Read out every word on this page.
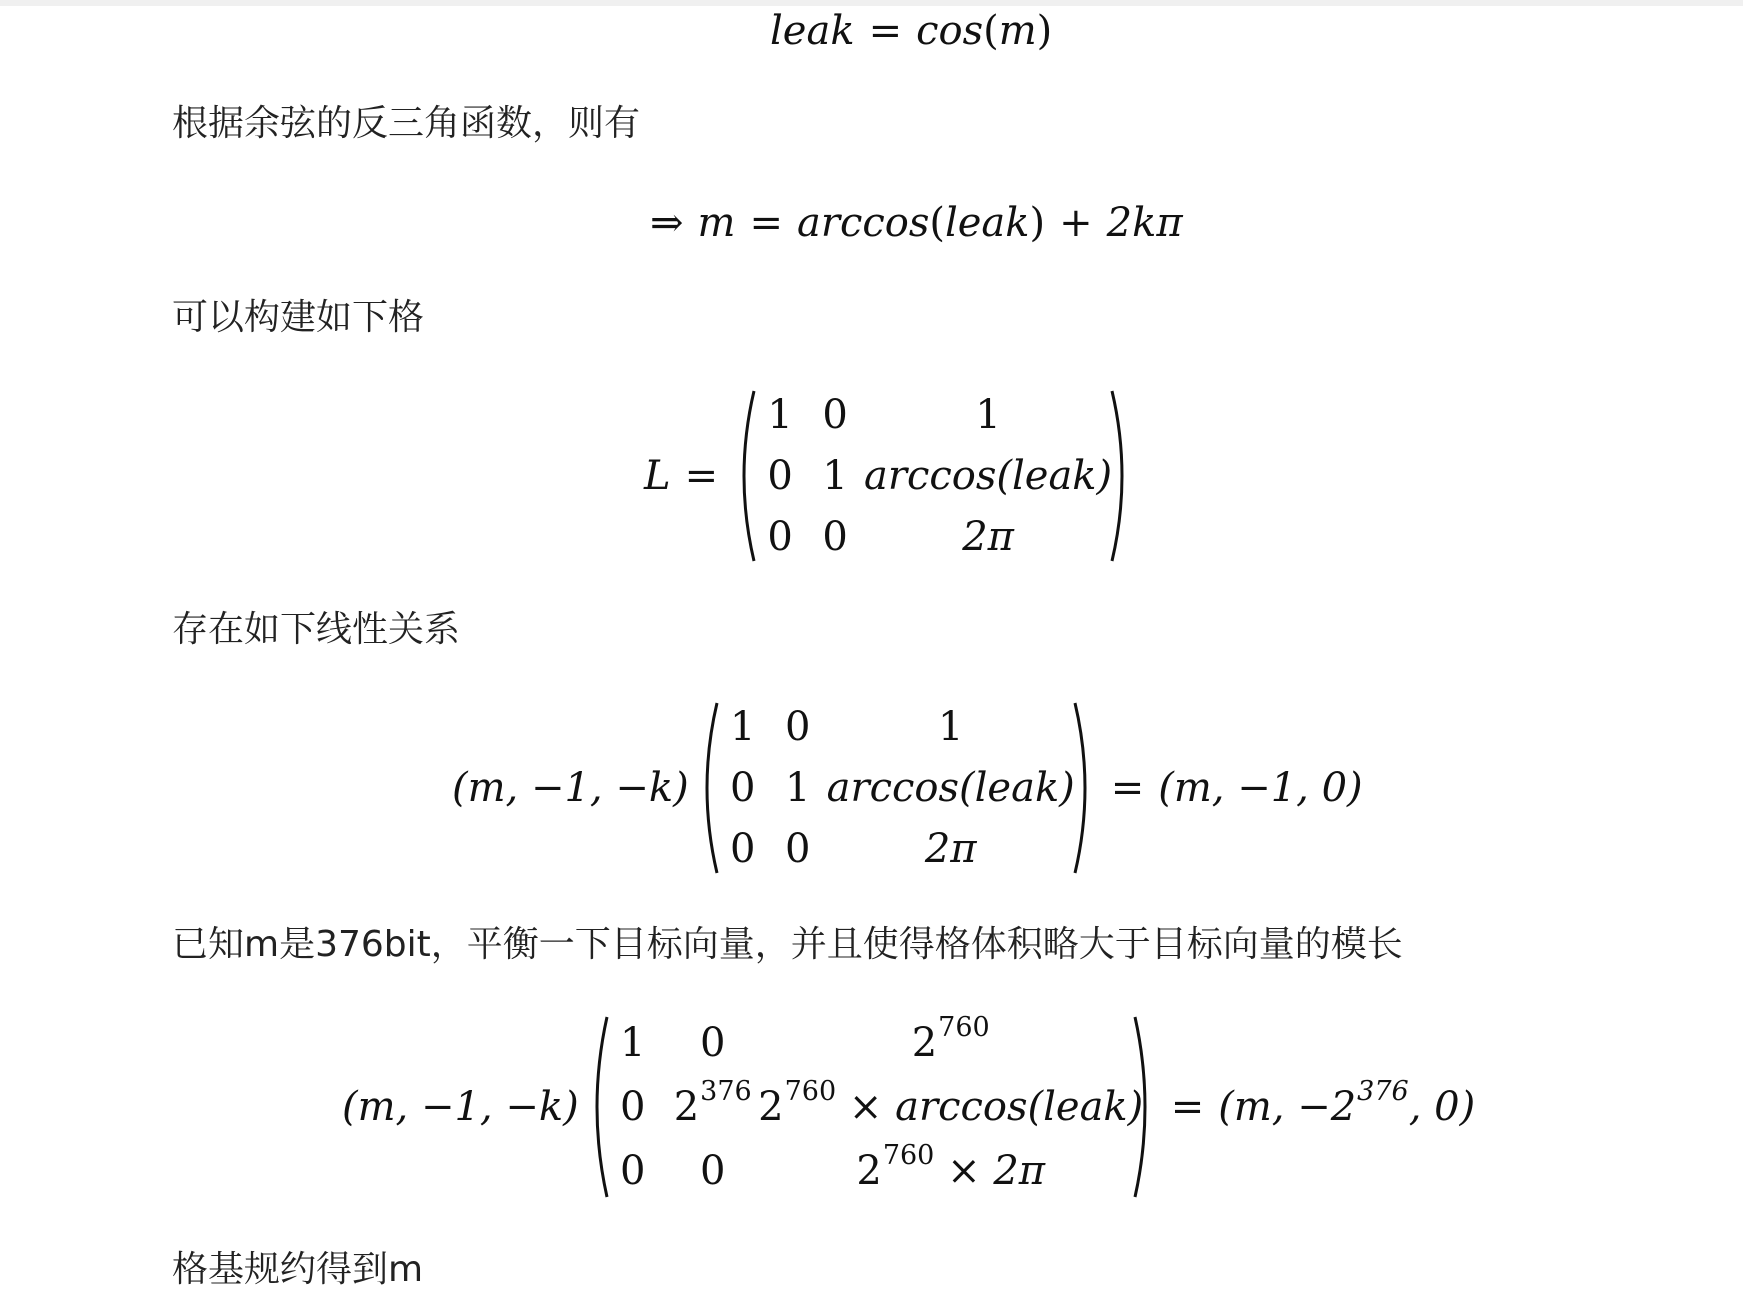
leak = cos ( m )
根据余弦的反三角函数，则有
⇒ m = arccos ( leak ) + 2kπ
可以构建如下格
L =
1 0	1
0 1 arccos(leak)
0 0	2π
存在如下线性关系
(m, −1, −k)
1 0	1
0 1 arccos(leak)
0 0	2π
= (m, −1, 0)
已知m是376bit，平衡一下目标向量，并且使得格体积略大于目标向量的模长
(m, −1, −k)
1 0	$2^{760}$
0 $2^{376}$ $2^{760}$ × arccos(leak)
0 0	$2^{760} \times 2\pi$
= (m, $-2^{376}$, 0)
格基规约得到m
